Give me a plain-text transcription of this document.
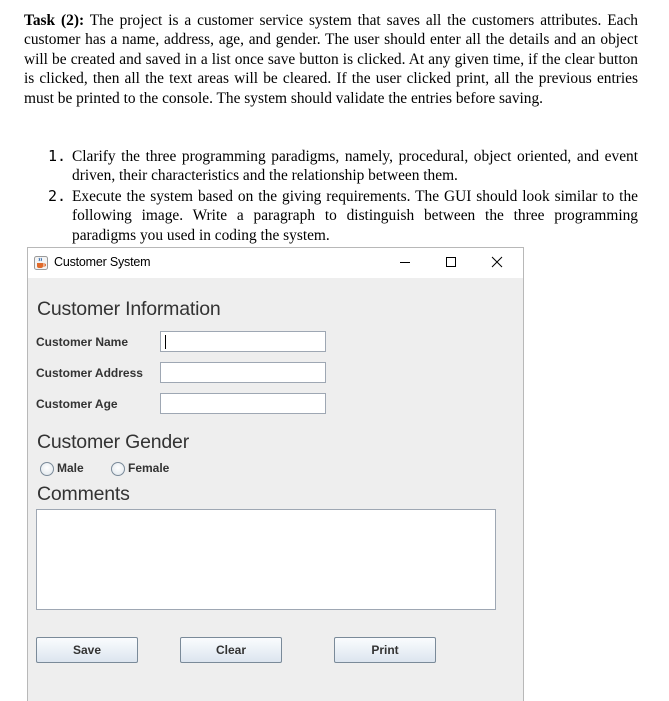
Task (2): The project is a customer service system that saves all the customers attributes. Each customer has a name, address, age, and gender. The user should enter all the details and an object will be created and saved in a list once save button is clicked. At any given time, if the clear button is clicked, then all the text areas will be cleared. If the user clicked print, all the previous entries must be printed to the console. The system should validate the entries before saving.

1. Clarify the three programming paradigms, namely, procedural, object oriented, and event driven, their characteristics and the relationship between them.
2. Execute the system based on the giving requirements. The GUI should look similar to the following image. Write a paragraph to distinguish between the three programming paradigms you used in coding the system.
Customer System
Customer Information
Customer Name
Customer Address
Customer Age
Customer Gender
Male	Female
Comments
Save	Clear	Print
